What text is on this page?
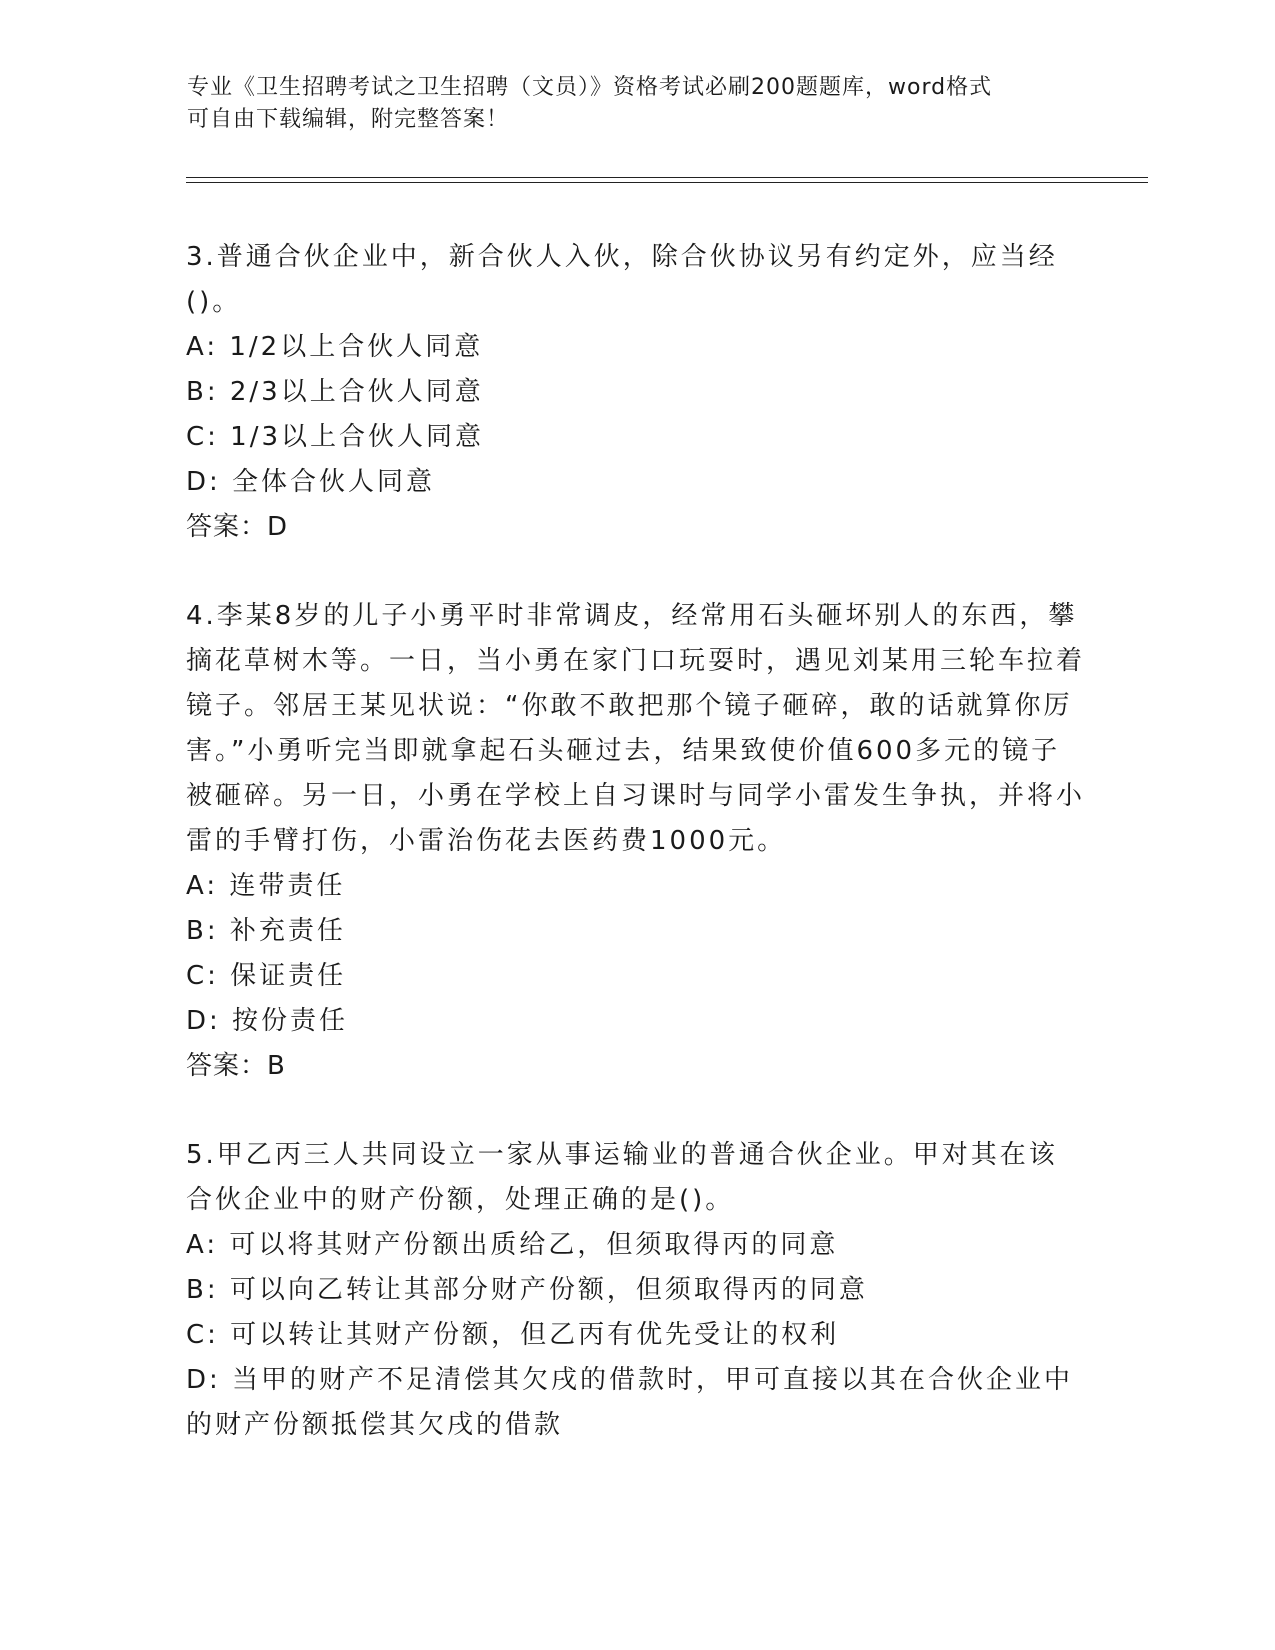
专业《卫生招聘考试之卫生招聘（文员）》资格考试必刷200题题库，word格式
可自由下载编辑，附完整答案！

3.普通合伙企业中，新合伙人入伙，除合伙协议另有约定外，应当经()。

A: 1/2以上合伙人同意

B: 2/3以上合伙人同意

C: 1/3以上合伙人同意

D: 全体合伙人同意

答案：D

4.李某8岁的儿子小勇平时非常调皮，经常用石头砸坏别人的东西，攀摘花草树木等。一日，当小勇在家门口玩耍时，遇见刘某用三轮车拉着镜子。邻居王某见状说：“你敢不敢把那个镜子砸碎，敢的话就算你厉害。”小勇听完当即就拿起石头砸过去，结果致使价值600多元的镜子被砸碎。另一日，小勇在学校上自习课时与同学小雷发生争执，并将小雷的手臂打伤，小雷治伤花去医药费1000元。

A: 连带责任

B: 补充责任

C: 保证责任

D: 按份责任

答案：B

5.甲乙丙三人共同设立一家从事运输业的普通合伙企业。甲对其在该合伙企业中的财产份额，处理正确的是()。

A: 可以将其财产份额出质给乙，但须取得丙的同意

B: 可以向乙转让其部分财产份额，但须取得丙的同意

C: 可以转让其财产份额，但乙丙有优先受让的权利

D: 当甲的财产不足清偿其欠戌的借款时，甲可直接以其在合伙企业中的财产份额抵偿其欠戌的借款
